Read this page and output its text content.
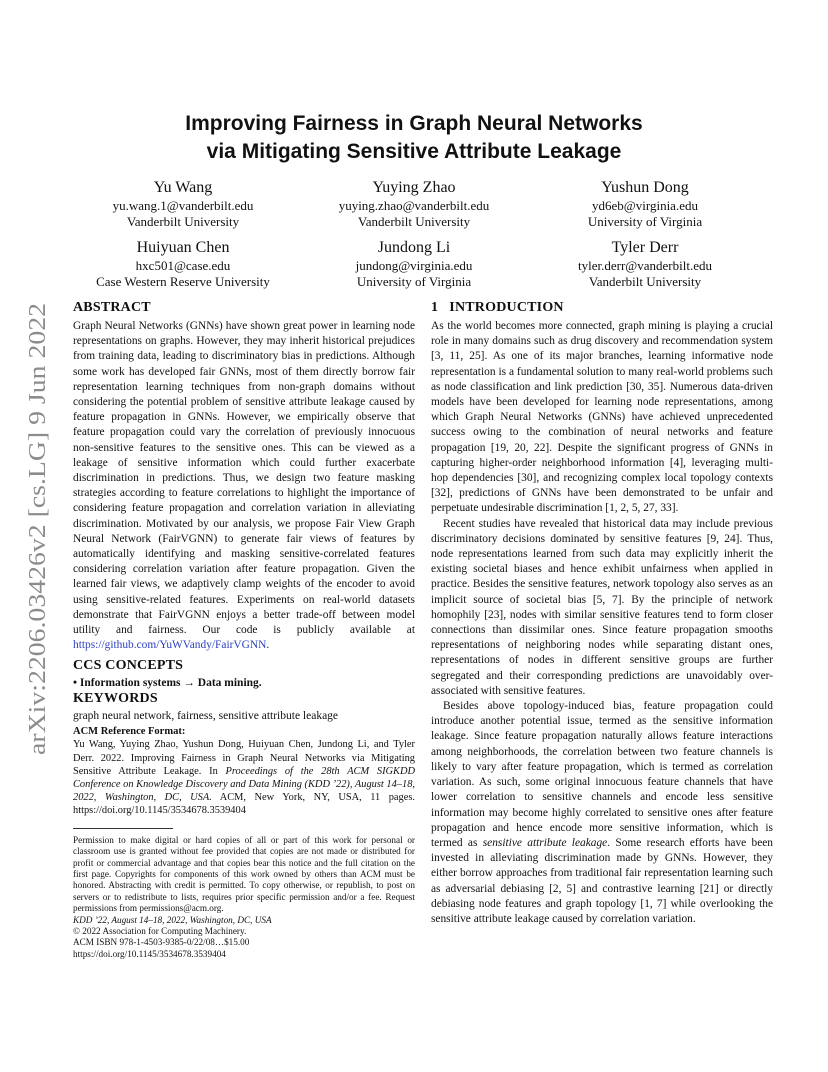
arXiv:2206.03426v2 [cs.LG] 9 Jun 2022
Improving Fairness in Graph Neural Networks
via Mitigating Sensitive Attribute Leakage
Yu Wang
yu.wang.1@vanderbilt.edu
Vanderbilt University
Yuying Zhao
yuying.zhao@vanderbilt.edu
Vanderbilt University
Yushun Dong
yd6eb@virginia.edu
University of Virginia
Huiyuan Chen
hxc501@case.edu
Case Western Reserve University
Jundong Li
jundong@virginia.edu
University of Virginia
Tyler Derr
tyler.derr@vanderbilt.edu
Vanderbilt University
ABSTRACT

Graph Neural Networks (GNNs) have shown great power in learning node representations on graphs. However, they may inherit historical prejudices from training data, leading to discriminatory bias in predictions. Although some work has developed fair GNNs, most of them directly borrow fair representation learning techniques from non-graph domains without considering the potential problem of sensitive attribute leakage caused by feature propagation in GNNs. However, we empirically observe that feature propagation could vary the correlation of previously innocuous non-sensitive features to the sensitive ones. This can be viewed as a leakage of sensitive information which could further exacerbate discrimination in predictions. Thus, we design two feature masking strategies according to feature correlations to highlight the importance of considering feature propagation and correlation variation in alleviating discrimination. Motivated by our analysis, we propose Fair View Graph Neural Network (FairVGNN) to generate fair views of features by automatically identifying and masking sensitive-correlated features considering correlation variation after feature propagation. Given the learned fair views, we adaptively clamp weights of the encoder to avoid using sensitive-related features. Experiments on real-world datasets demonstrate that FairVGNN enjoys a better trade-off between model utility and fairness. Our code is publicly available at https://github.com/YuWVandy/FairVGNN.

CCS CONCEPTS
• Information systems → Data mining.
KEYWORDS
graph neural network, fairness, sensitive attribute leakage
ACM Reference Format:

Yu Wang, Yuying Zhao, Yushun Dong, Huiyuan Chen, Jundong Li, and Tyler Derr. 2022. Improving Fairness in Graph Neural Networks via Mitigating Sensitive Attribute Leakage. In Proceedings of the 28th ACM SIGKDD Conference on Knowledge Discovery and Data Mining (KDD ’22), August 14–18, 2022, Washington, DC, USA. ACM, New York, NY, USA, 11 pages. https://doi.org/10.1145/3534678.3539404

Permission to make digital or hard copies of all or part of this work for personal or classroom use is granted without fee provided that copies are not made or distributed for profit or commercial advantage and that copies bear this notice and the full citation on the first page. Copyrights for components of this work owned by others than ACM must be honored. Abstracting with credit is permitted. To copy otherwise, or republish, to post on servers or to redistribute to lists, requires prior specific permission and/or a fee. Request permissions from permissions@acm.org.

KDD ’22, August 14–18, 2022, Washington, DC, USA

© 2022 Association for Computing Machinery.

ACM ISBN 978-1-4503-9385-0/22/08…$15.00

https://doi.org/10.1145/3534678.3539404

1   INTRODUCTION

As the world becomes more connected, graph mining is playing a crucial role in many domains such as drug discovery and recommendation system [3, 11, 25]. As one of its major branches, learning informative node representation is a fundamental solution to many real-world problems such as node classification and link prediction [30, 35]. Numerous data-driven models have been developed for learning node representations, among which Graph Neural Networks (GNNs) have achieved unprecedented success owing to the combination of neural networks and feature propagation [19, 20, 22]. Despite the significant progress of GNNs in capturing higher-order neighborhood information [4], leveraging multi-hop dependencies [30], and recognizing complex local topology contexts [32], predictions of GNNs have been demonstrated to be unfair and perpetuate undesirable discrimination [1, 2, 5, 27, 33].

Recent studies have revealed that historical data may include previous discriminatory decisions dominated by sensitive features [9, 24]. Thus, node representations learned from such data may explicitly inherit the existing societal biases and hence exhibit unfairness when applied in practice. Besides the sensitive features, network topology also serves as an implicit source of societal bias [5, 7]. By the principle of network homophily [23], nodes with similar sensitive features tend to form closer connections than dissimilar ones. Since feature propagation smooths representations of neighboring nodes while separating distant ones, representations of nodes in different sensitive groups are further segregated and their corresponding predictions are unavoidably over-associated with sensitive features.

Besides above topology-induced bias, feature propagation could introduce another potential issue, termed as the sensitive information leakage. Since feature propagation naturally allows feature interactions among neighborhoods, the correlation between two feature channels is likely to vary after feature propagation, which is termed as correlation variation. As such, some original innocuous feature channels that have lower correlation to sensitive channels and encode less sensitive information may become highly correlated to sensitive ones after feature propagation and hence encode more sensitive information, which is termed as sensitive attribute leakage. Some research efforts have been invested in alleviating discrimination made by GNNs. However, they either borrow approaches from traditional fair representation learning such as adversarial debiasing [2, 5] and contrastive learning [21] or directly debiasing node features and graph topology [1, 7] while overlooking the sensitive attribute leakage caused by correlation variation.
